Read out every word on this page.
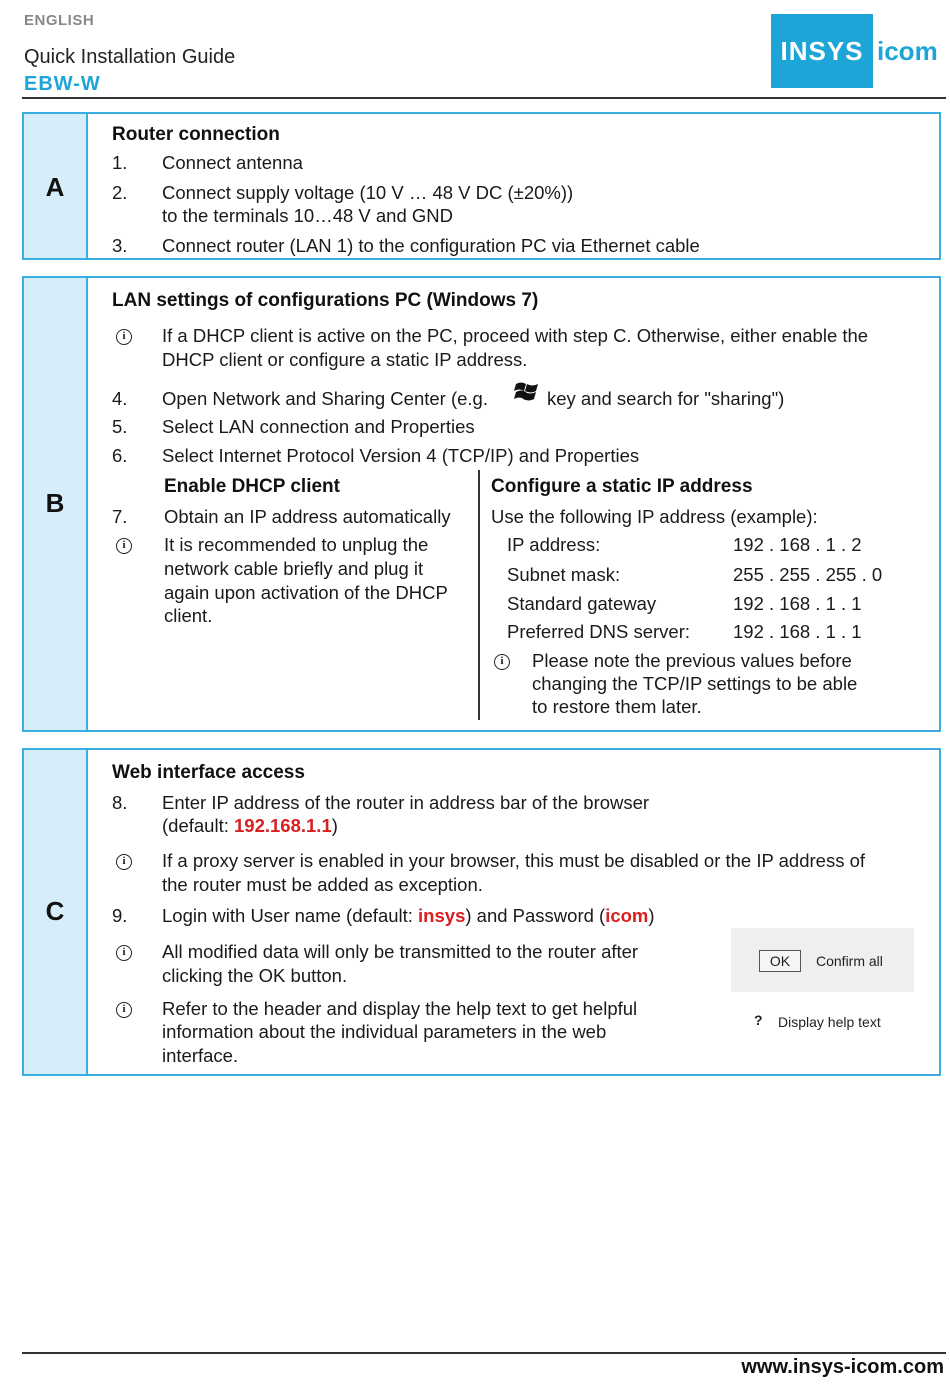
ENGLISH
Quick Installation Guide
EBW-W
INSYS icom
A
Router connection
1. Connect antenna
2. Connect supply voltage (10 V … 48 V DC (±20%))
to the terminals 10…48 V and GND
3. Connect router (LAN 1) to the configuration PC via Ethernet cable
B
LAN settings of configurations PC (Windows 7)
i	If a DHCP client is active on the PC, proceed with step C. Otherwise, either enable the
DHCP client or configure a static IP address.
4. Open Network and Sharing Center (e.g.	key and search for "sharing")
5. Select LAN connection and Properties
6. Select Internet Protocol Version 4 (TCP/IP) and Properties
Enable DHCP client
7. Obtain an IP address automatically
i	It is recommended to unplug the
network cable briefly and plug it
again upon activation of the DHCP
client.
Configure a static IP address
Use the following IP address (example):
IP address:	192 . 168 . 1 . 2
Subnet mask:	255 . 255 . 255 . 0
Standard gateway	192 . 168 . 1 . 1
Preferred DNS server: 192 . 168 . 1 . 1
i	Please note the previous values before
changing the TCP/IP settings to be able
to restore them later.
C
Web interface access
8. Enter IP address of the router in address bar of the browser
(default: 192.168.1.1)
i	If a proxy server is enabled in your browser, this must be disabled or the IP address of
the router must be added as exception.
9. Login with User name (default: insys) and Password (icom)
i	All modified data will only be transmitted to the router after
clicking the OK button.
i	Refer to the header and display the help text to get helpful
information about the individual parameters in the web
interface.
OK	Confirm all
? Display help text
www.insys-icom.com
